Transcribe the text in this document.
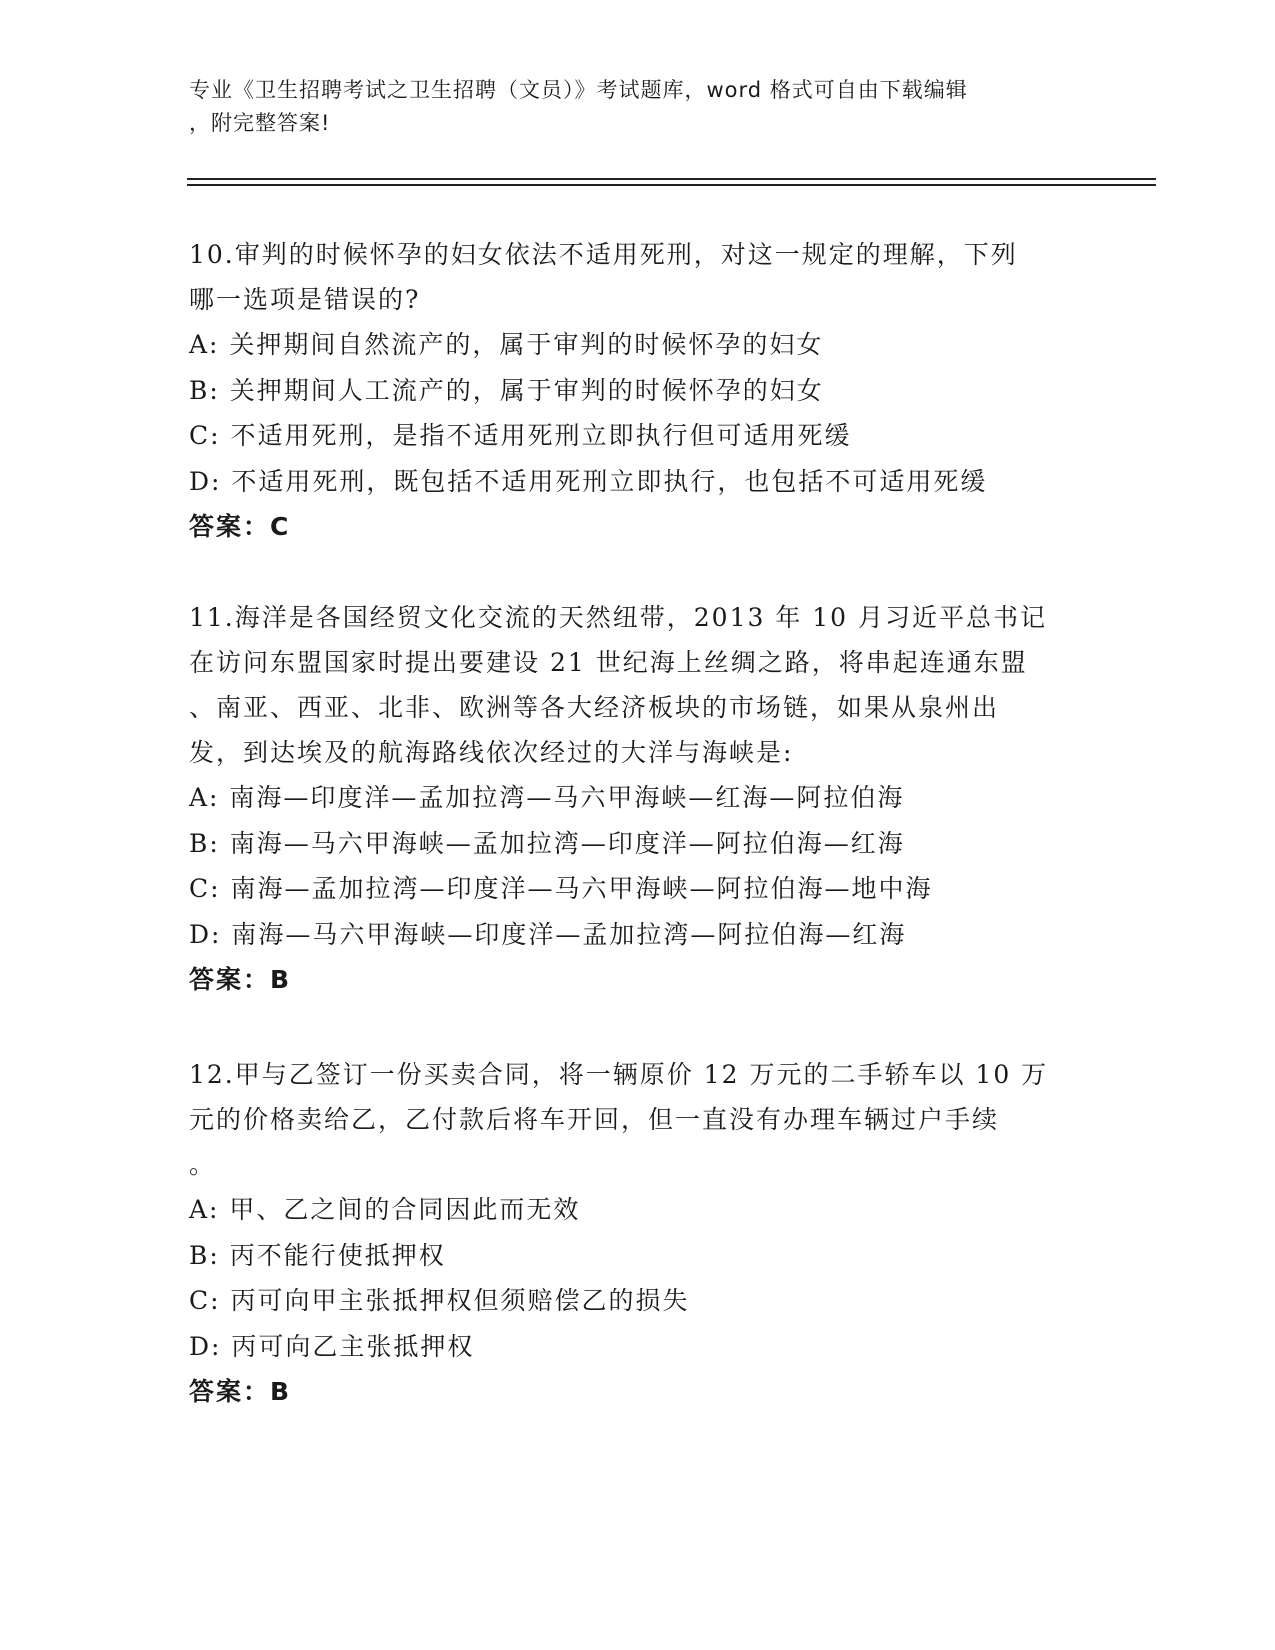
专业《卫生招聘考试之卫生招聘（文员）》考试题库，word 格式可自由下载编辑
，附完整答案!
10.审判的时候怀孕的妇女依法不适用死刑，对这一规定的理解，下列
哪一选项是错误的?
A: 关押期间自然流产的，属于审判的时候怀孕的妇女
B: 关押期间人工流产的，属于审判的时候怀孕的妇女
C: 不适用死刑，是指不适用死刑立即执行但可适用死缓
D: 不适用死刑，既包括不适用死刑立即执行，也包括不可适用死缓
答案：C
11.海洋是各国经贸文化交流的天然纽带，2013 年 10 月习近平总书记
在访问东盟国家时提出要建设 21 世纪海上丝绸之路，将串起连通东盟
、南亚、西亚、北非、欧洲等各大经济板块的市场链，如果从泉州出
发，到达埃及的航海路线依次经过的大洋与海峡是:
A: 南海—印度洋—孟加拉湾—马六甲海峡—红海—阿拉伯海
B: 南海—马六甲海峡—孟加拉湾—印度洋—阿拉伯海—红海
C: 南海—孟加拉湾—印度洋—马六甲海峡—阿拉伯海—地中海
D: 南海—马六甲海峡—印度洋—孟加拉湾—阿拉伯海—红海
答案：B
12.甲与乙签订一份买卖合同，将一辆原价 12 万元的二手轿车以 10 万
元的价格卖给乙，乙付款后将车开回，但一直没有办理车辆过户手续
。
A: 甲、乙之间的合同因此而无效
B: 丙不能行使抵押权
C: 丙可向甲主张抵押权但须赔偿乙的损失
D: 丙可向乙主张抵押权
答案：B
